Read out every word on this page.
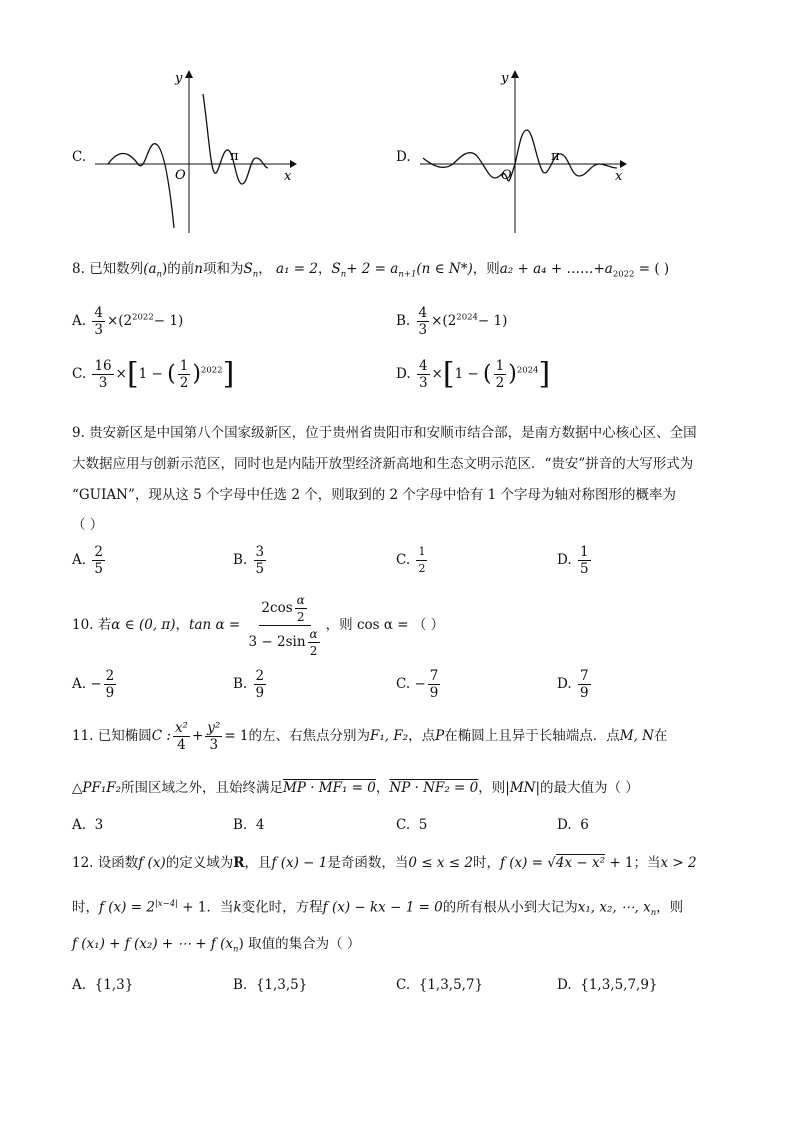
C.
y
x
O
π	D.
y
x
O
π
8. 已知数列$(a_n)$的前n项和为$S_n$， a₁ = 2，$S_n+ 2 = a_{n+1}(n$ ∈ N*)，则$a_2 + a_4 + \dots\dots+a_{2022}$ = ( )
A. $\frac{4}{3} \times(2^{2022}- 1)$	B. $\frac{4}{3} \times(2^{2024}- 1)$
C. $\frac{16}{3} \times[1$ − ( $\frac{1}{2} )^{2022}$]	D. $\frac{4}{3} \times[1$ − ( $\frac{1}{2} )^{2024}$]
9. 贵安新区是中国第八个国家级新区，位于贵州省贵阳市和安顺市结合部，是南方数据中心核心区、全国
大数据应用与创新示范区，同时也是内陆开放型经济新高地和生态文明示范区．“贵安”拼音的大写形式为
“GUIAN”，现从这 5 个字母中任选 2 个，则取到的 2 个字母中恰有 1 个字母为轴对称图形的概率为
（ ）
A. $\frac{2}{5}$	B. $\frac{3}{5}$	C. $\frac{1}{2}$	D. $\frac{1}{5}$
10. 若α ∈ (0, π)，$\tan \alpha = \frac{2\cos \frac{\alpha}{2}}{3 - 2\sin \frac{\alpha}{2}}$ ，则 cos α = （ ）
A. − $\frac{2}{9}$	B. $\frac{2}{9}$	C. − $\frac{7}{9}$	D. $\frac{7}{9}$
11. 已知椭圆C : $\frac{\text{x²}}{4} + \frac{\text{y²}}{3} = 1$的左、右焦点分别为F₁, F₂，点P在椭圆上且异于长轴端点．点M, N在
△PF₁F₂所围区域之外，且始终满足MP · MF₁ = 0，NP · NF₂ = 0，则|MN|的最大值为（ ）
A. 3	B. 4	C. 5	D. 6
12. 设函数f (x)的定义域为R，且f (x) − 1是奇函数，当0 ≤ x ≤ 2时，f (x) = √4x − x² + 1；当x > 2
时，f $(x) = 2^{|x-4|} + 1$．当k变化时，方程f (x) − kx − 1 = 0的所有根从小到大记为x₁, x₂, ⋯, $x_n$，则
f (x₁) + f (x₂) + ⋯ + f $(x_n)$ 取值的集合为（ ）
A. {1,3}	B. {1,3,5}	C. {1,3,5,7}	D. {1,3,5,7,9}
